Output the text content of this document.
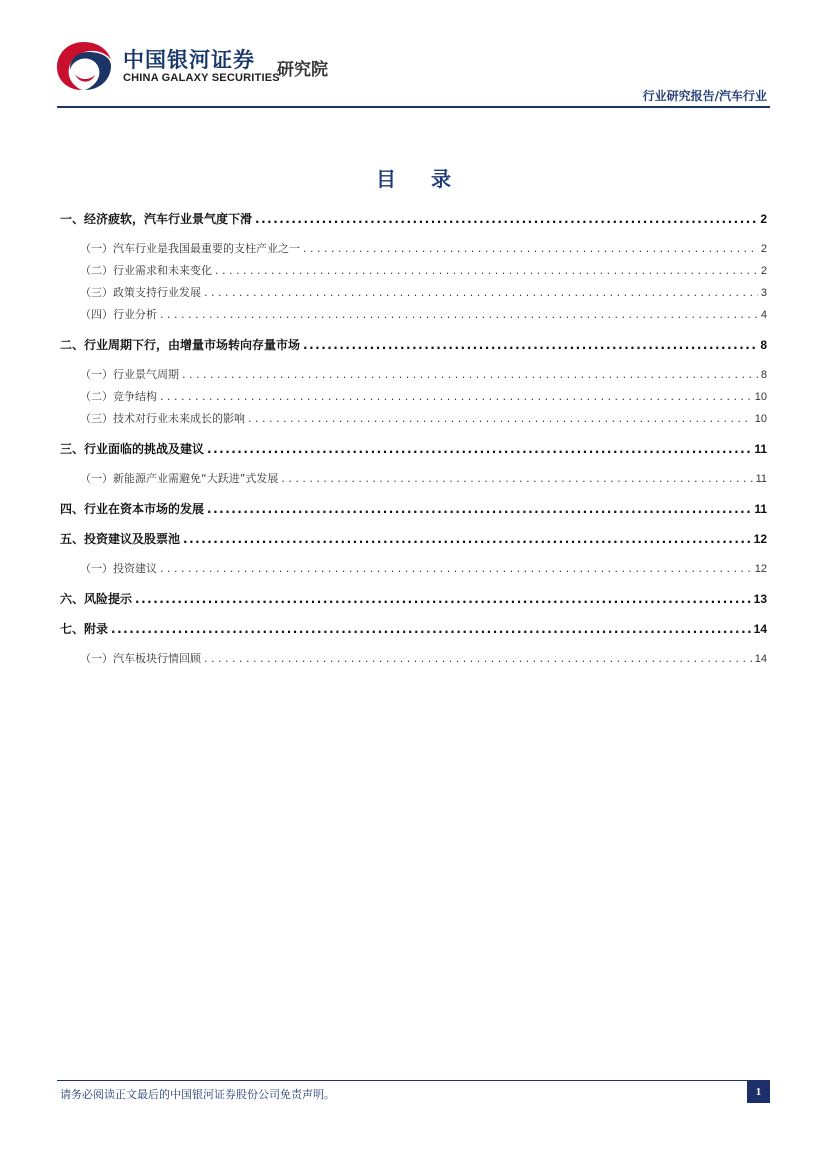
中国银河证券
CHINA GALAXY SECURITIES
研究院
行业研究报告/汽车行业
目 录
一、经济疲软，汽车行业景气度下滑 .....	2
（一）汽车行业是我国最重要的支柱产业之一 . . .	2
（二）行业需求和未来变化 . . .	2
（三）政策支持行业发展 . . .	3
（四）行业分析 . . .	4
二、行业周期下行，由增量市场转向存量市场 .....	8
（一）行业景气周期 . . .	8
（二）竞争结构 . . .	10
（三）技术对行业未来成长的影响 . . .	10
三、行业面临的挑战及建议 .....	11
（一）新能源产业需避免“大跃进”式发展 . . .	11
四、行业在资本市场的发展 .....	11
五、投资建议及股票池 .....	12
（一）投资建议 . . .	12
六、风险提示 .....	13
七、附录 .....	14
（一）汽车板块行情回顾 . . .	14
请务必阅读正文最后的中国银河证券股份公司免责声明。	1
